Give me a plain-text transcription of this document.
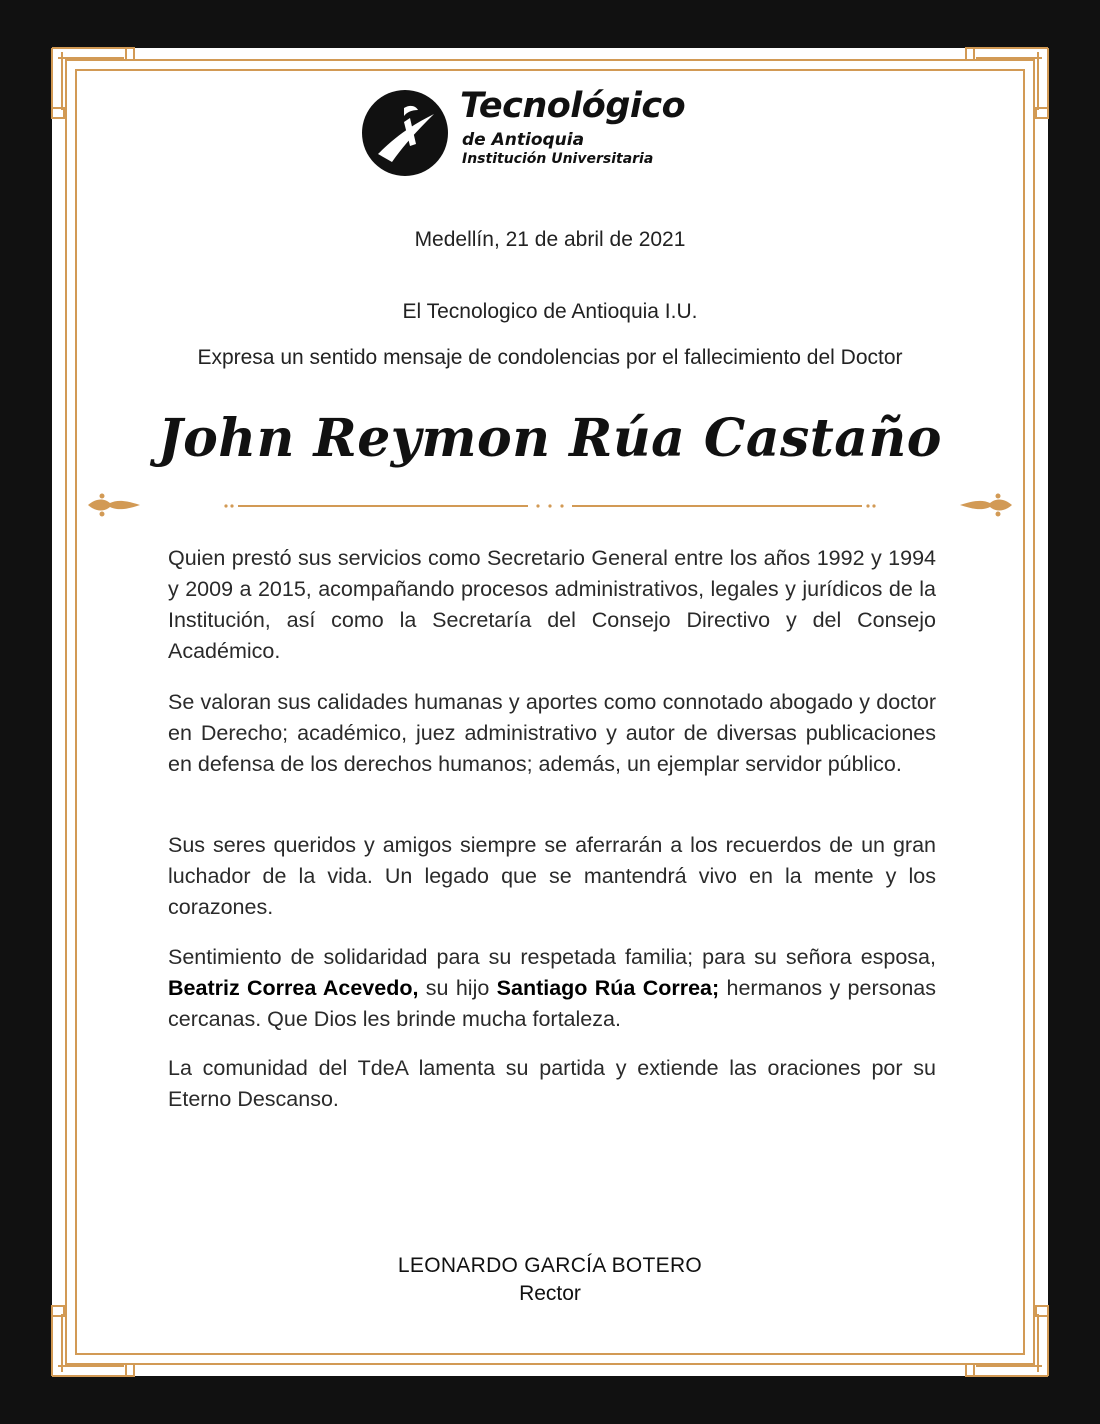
Tecnológico
de Antioquia
Institución Universitaria
Medellín, 21 de abril de 2021
El Tecnologico de Antioquia I.U.
Expresa un sentido mensaje de condolencias por el fallecimiento del Doctor
John Reymon Rúa Castaño

Quien prestó sus servicios como Secretario General entre los años 1992 y 1994 y 2009 a 2015, acompañando procesos administrativos, legales y jurídicos de la Institución, así como la Secretaría del Consejo Directivo y del Consejo Académico.

Se valoran sus calidades humanas y aportes como connotado abogado y doctor en Derecho; académico, juez administrativo y autor de diversas publicaciones en defensa de los derechos humanos; además, un ejemplar servidor público.

Sus seres queridos y amigos siempre se aferrarán a los recuerdos de un gran luchador de la vida. Un legado que se mantendrá vivo en la mente y los corazones.

Sentimiento de solidaridad para su respetada familia; para su señora esposa, Beatriz Correa Acevedo, su hijo Santiago Rúa Correa; hermanos y personas cercanas. Que Dios les brinde mucha fortaleza.

La comunidad del TdeA lamenta su partida y extiende las oraciones por su Eterno Descanso.

LEONARDO GARCÍA BOTERO
Rector
